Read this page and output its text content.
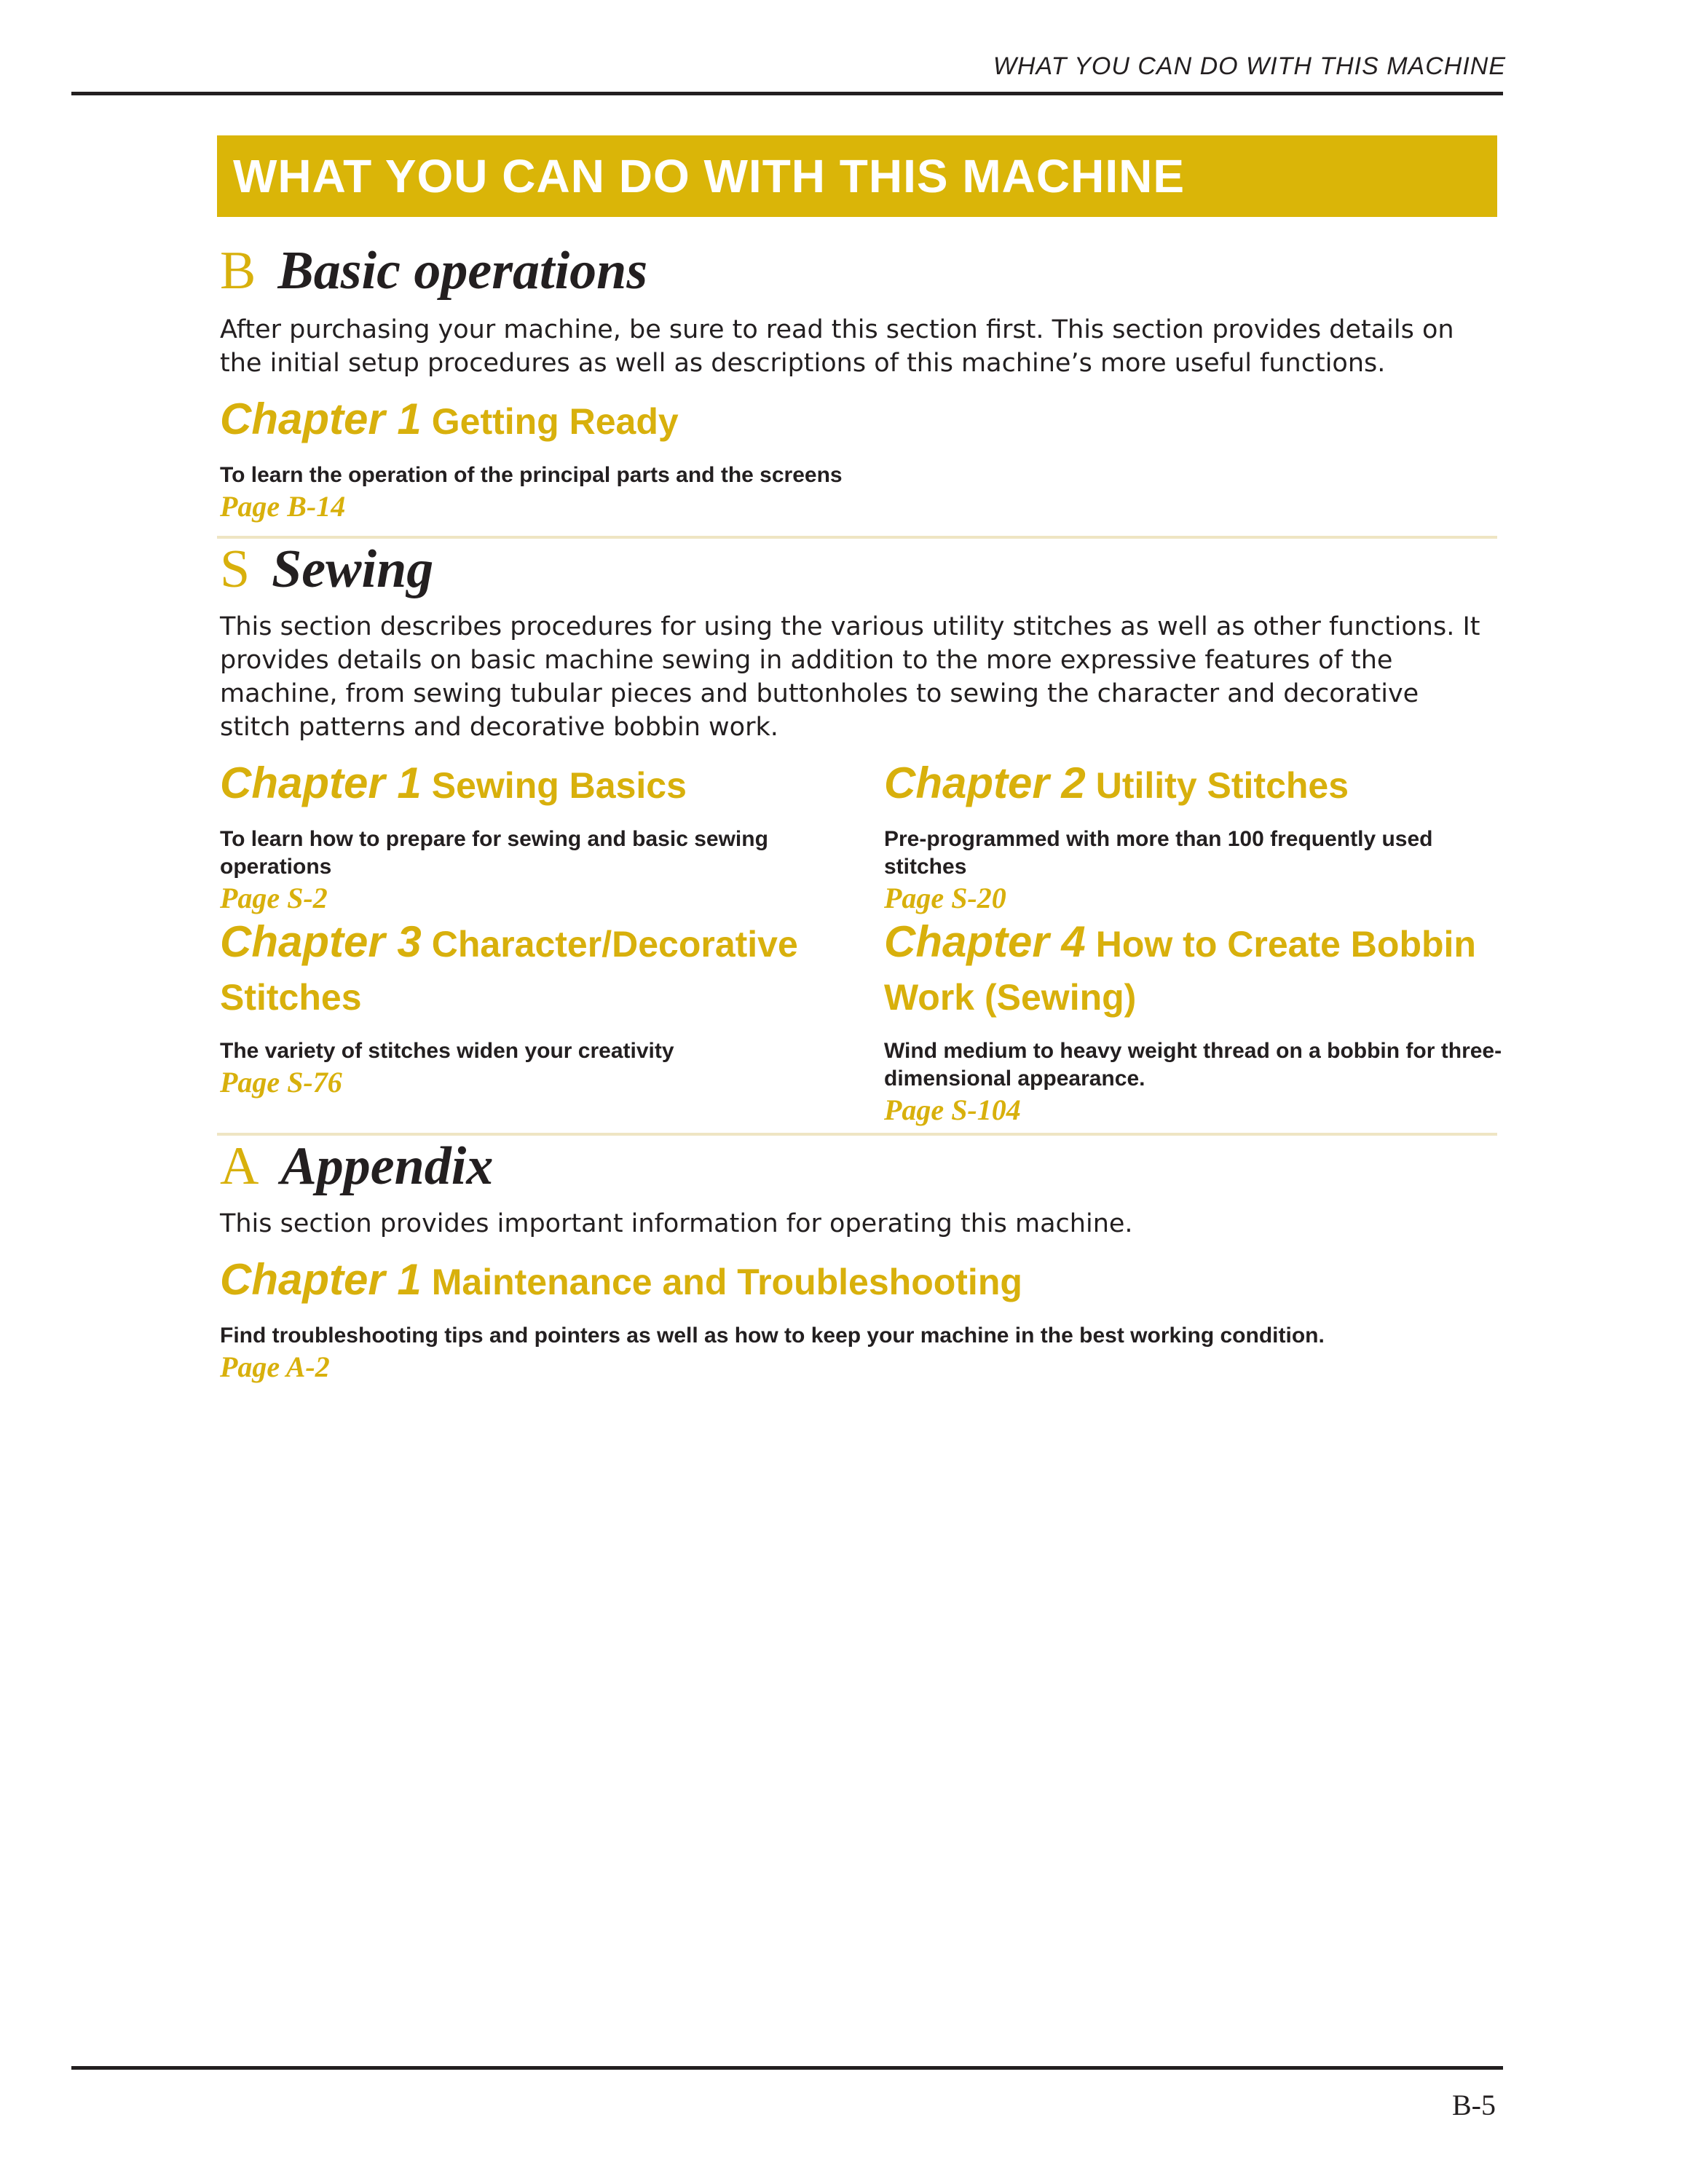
WHAT YOU CAN DO WITH THIS MACHINE
WHAT YOU CAN DO WITH THIS MACHINE
B Basic operations
After purchasing your machine, be sure to read this section first. This section provides details on the initial setup procedures as well as descriptions of this machine’s more useful functions.
Chapter 1 Getting Ready
To learn the operation of the principal parts and the screens
Page B-14
S Sewing
This section describes procedures for using the various utility stitches as well as other functions. It provides details on basic machine sewing in addition to the more expressive features of the machine, from sewing tubular pieces and buttonholes to sewing the character and decorative stitch patterns and decorative bobbin work.
Chapter 1 Sewing Basics
To learn how to prepare for sewing and basic sewing operations
Page S-2
Chapter 2 Utility Stitches
Pre-programmed with more than 100 frequently used stitches
Page S-20
Chapter 3 Character/Decorative Stitches
The variety of stitches widen your creativity
Page S-76
Chapter 4 How to Create Bobbin Work (Sewing)
Wind medium to heavy weight thread on a bobbin for three-dimensional appearance.
Page S-104
A Appendix
This section provides important information for operating this machine.
Chapter 1 Maintenance and Troubleshooting
Find troubleshooting tips and pointers as well as how to keep your machine in the best working condition.
Page A-2
B-5
